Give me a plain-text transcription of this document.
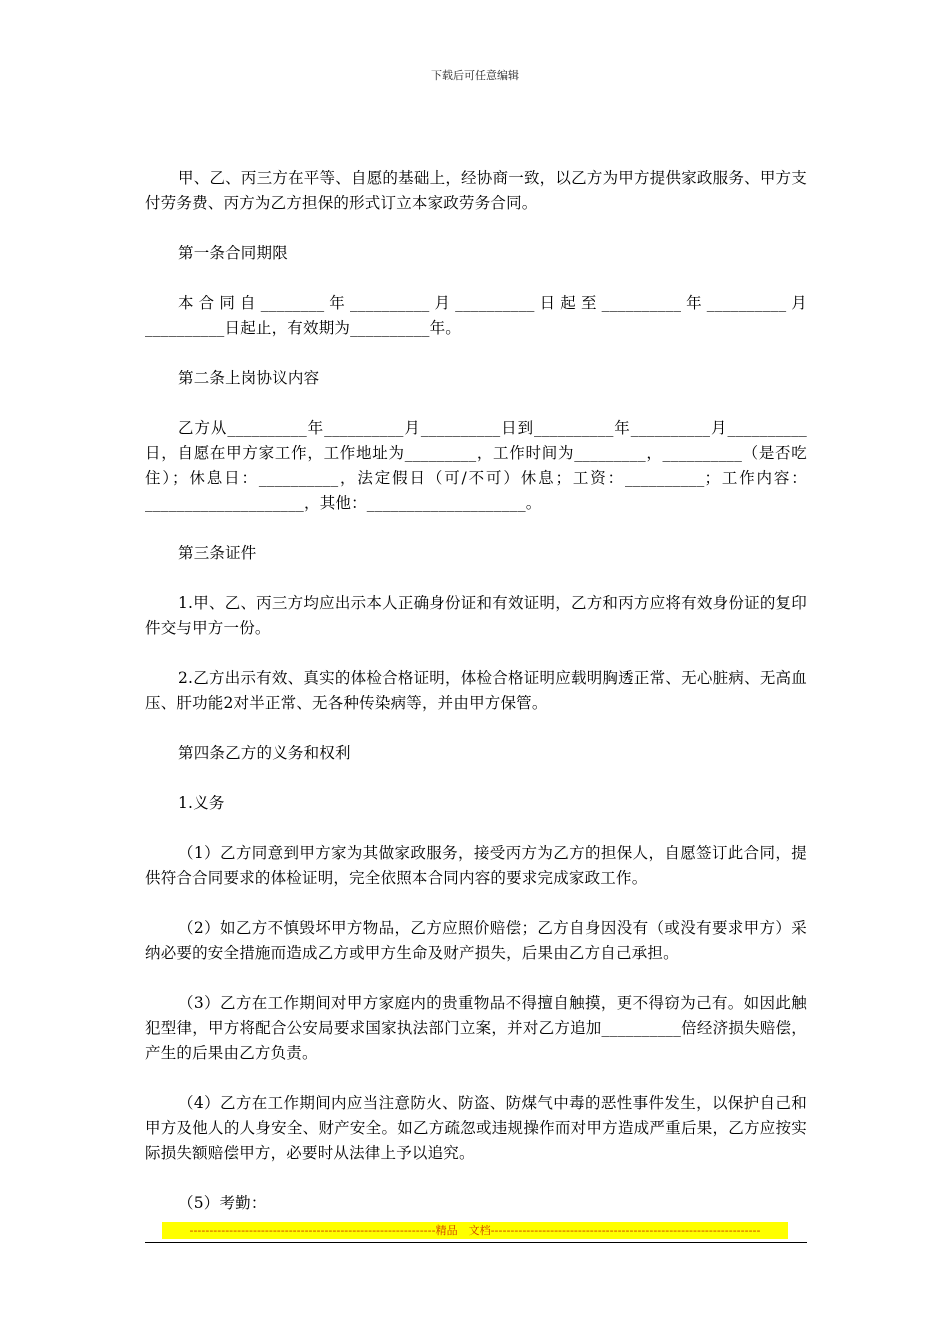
下载后可任意编辑

甲、乙、丙三方在平等、自愿的基础上，经协商一致，以乙方为甲方提供家政服务、甲方支付劳务费、丙方为乙方担保的形式订立本家政劳务合同。

第一条合同期限

本合同自________年__________月__________日起至__________年__________月__________日起止，有效期为__________年。

第二条上岗协议内容

乙方从__________年__________月__________日到__________年__________月__________日，自愿在甲方家工作，工作地址为_________，工作时间为_________，__________（是否吃住）；休息日：__________，法定假日（可/不可）休息；工资：__________；工作内容：____________________，其他：____________________。

第三条证件

1.甲、乙、丙三方均应出示本人正确身份证和有效证明，乙方和丙方应将有效身份证的复印件交与甲方一份。

2.乙方出示有效、真实的体检合格证明，体检合格证明应载明胸透正常、无心脏病、无高血压、肝功能2对半正常、无各种传染病等，并由甲方保管。

第四条乙方的义务和权利

1.义务

（1）乙方同意到甲方家为其做家政服务，接受丙方为乙方的担保人，自愿签订此合同，提供符合合同要求的体检证明，完全依照本合同内容的要求完成家政工作。

（2）如乙方不慎毁坏甲方物品，乙方应照价赔偿；乙方自身因没有（或没有要求甲方）采纳必要的安全措施而造成乙方或甲方生命及财产损失，后果由乙方自己承担。

（3）乙方在工作期间对甲方家庭内的贵重物品不得擅自触摸，更不得窃为己有。如因此触犯型律，甲方将配合公安局要求国家执法部门立案，并对乙方追加__________倍经济损失赔偿，产生的后果由乙方负责。

（4）乙方在工作期间内应当注意防火、防盗、防煤气中毒的恶性事件发生，以保护自己和甲方及他人的人身安全、财产安全。如乙方疏忽或违规操作而对甲方造成严重后果，乙方应按实际损失额赔偿甲方，必要时从法律上予以追究。

（5）考勤：

--------------------------------------------------------------精品　文档--------------------------------------------------------------------
